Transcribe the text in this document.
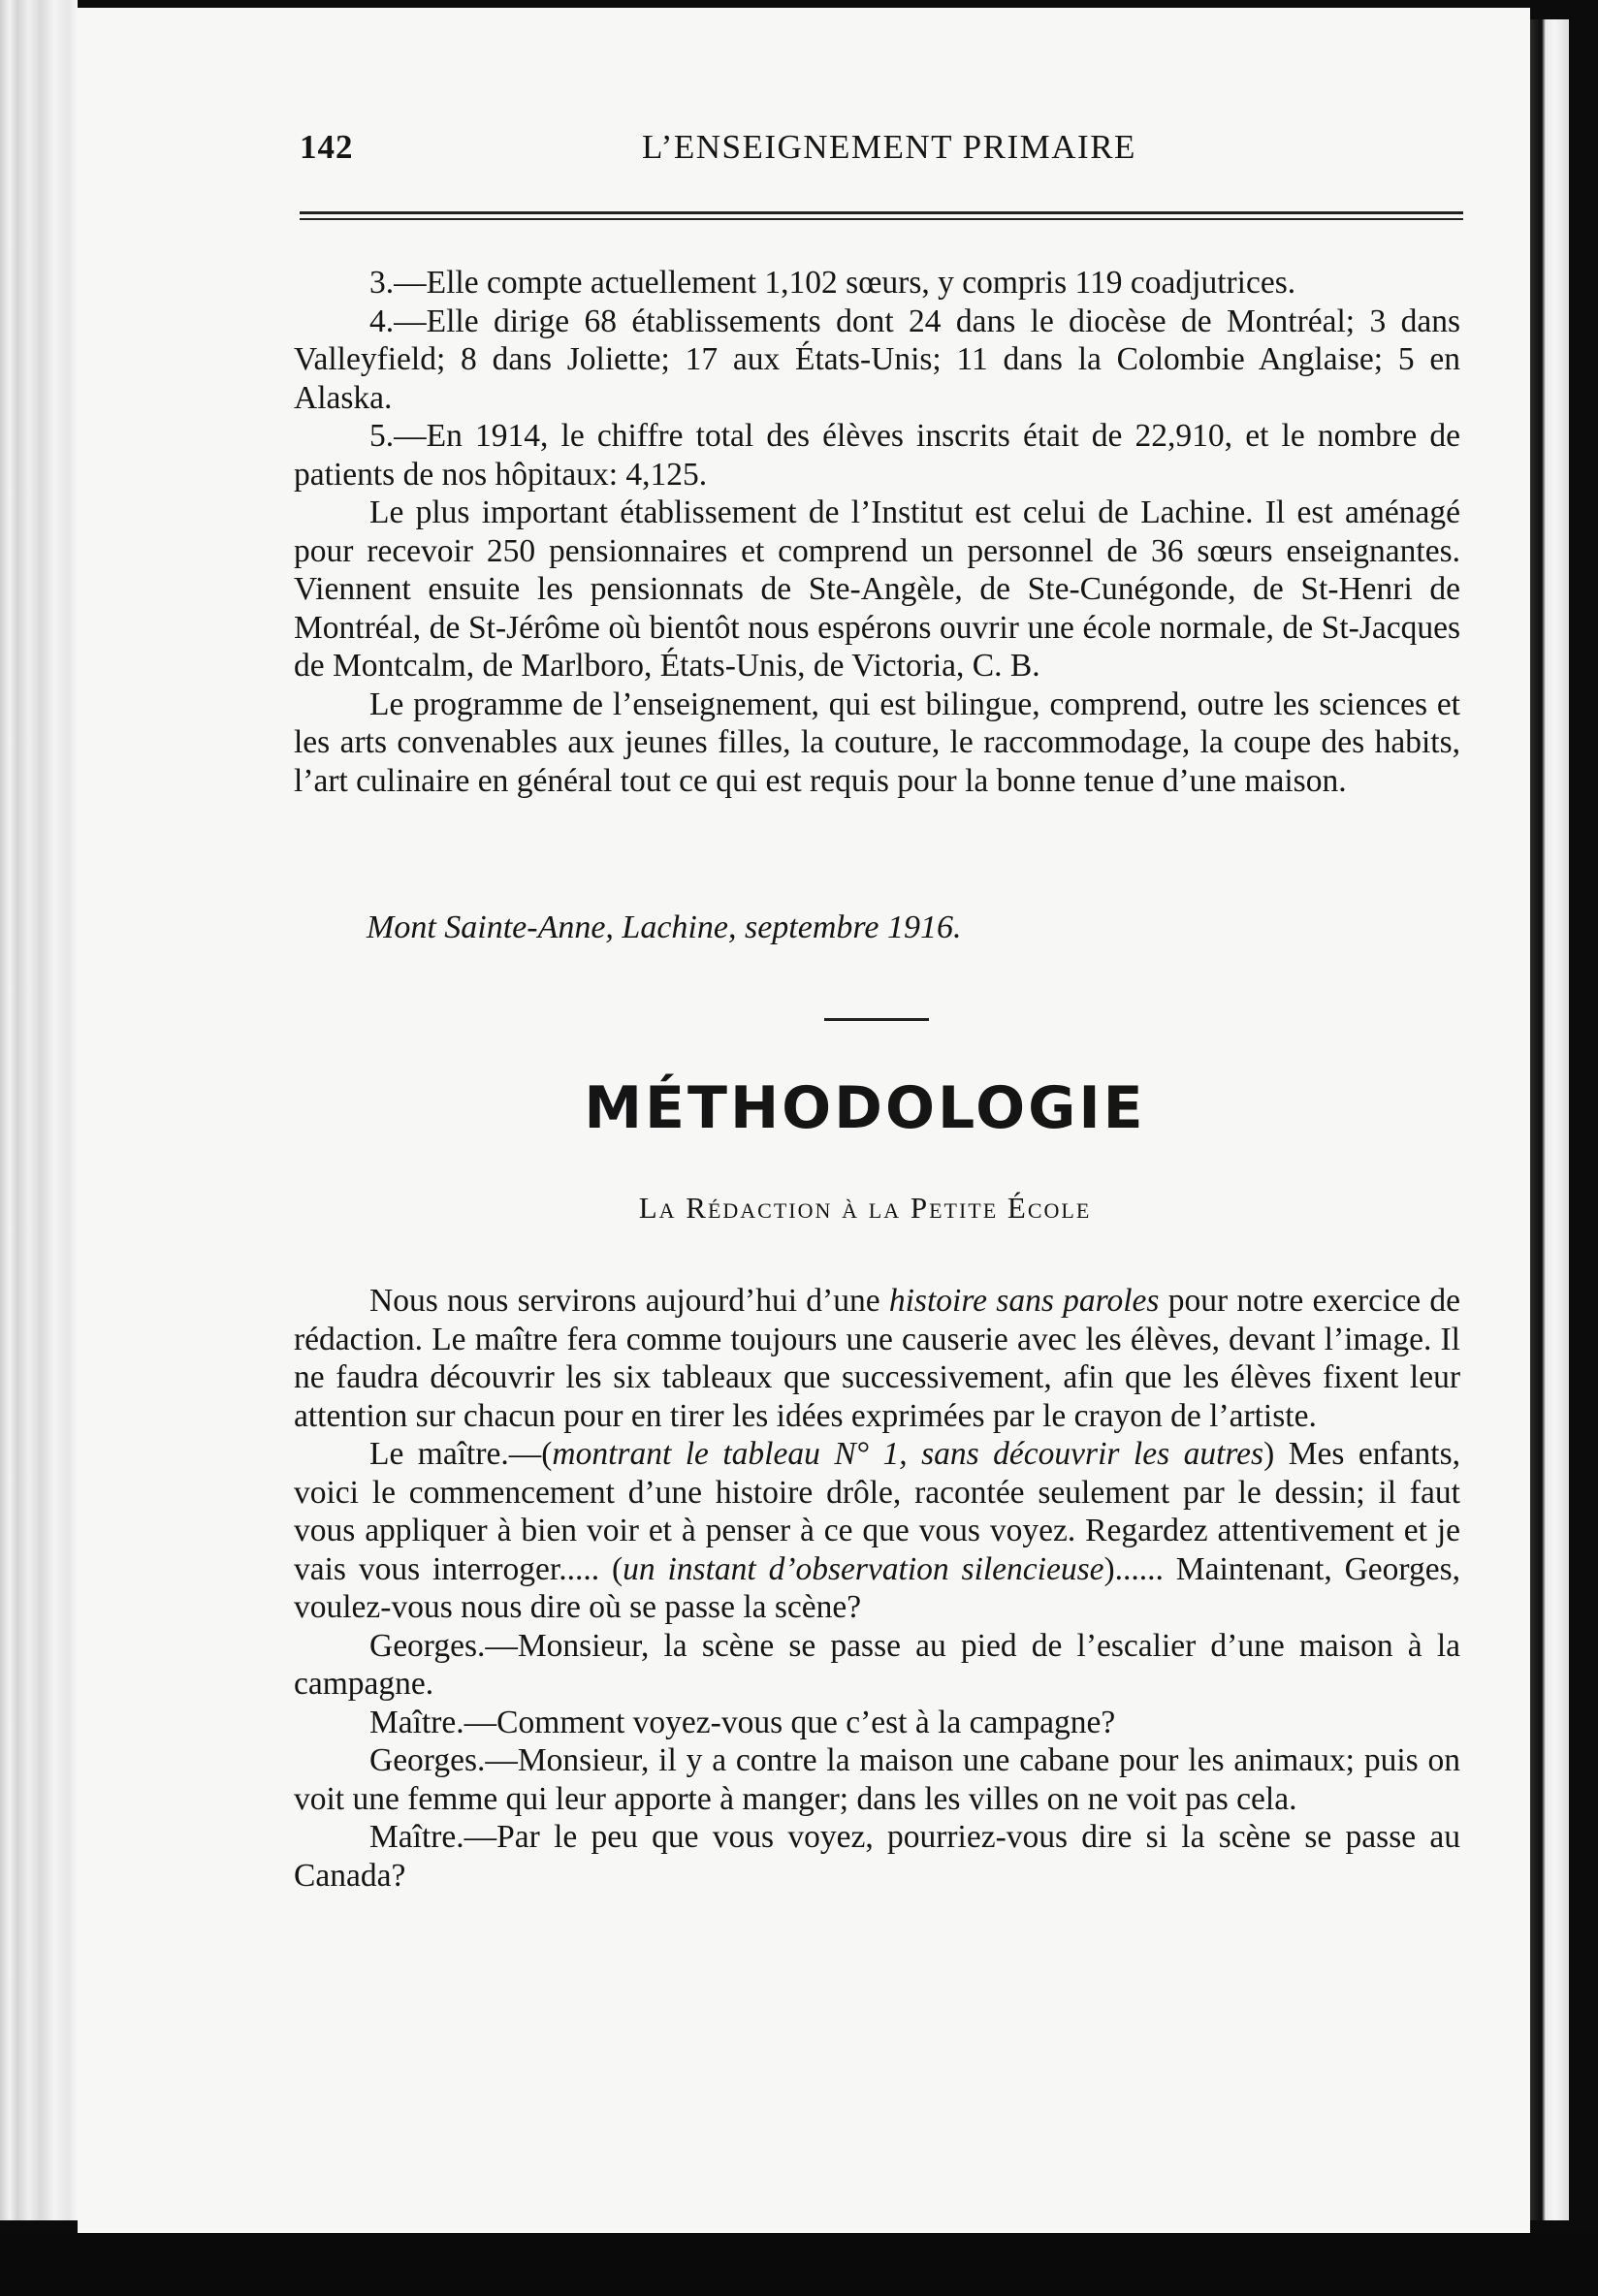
142	L’ENSEIGNEMENT PRIMAIRE

3.—Elle compte actuellement 1,102 sœurs, y compris 119 coadjutrices.

4.—Elle dirige 68 établissements dont 24 dans le diocèse de Montréal; 3 dans Valleyfield; 8 dans Joliette; 17 aux États-Unis; 11 dans la Colombie Anglaise; 5 en Alaska.

5.—En 1914, le chiffre total des élèves inscrits était de 22,910, et le nombre de patients de nos hôpitaux: 4,125.

Le plus important établissement de l’Institut est celui de Lachine. Il est aménagé pour recevoir 250 pensionnaires et comprend un personnel de 36 sœurs enseignantes. Viennent ensuite les pensionnats de Ste-Angèle, de Ste-Cunégonde, de St-Henri de Montréal, de St-Jérôme où bientôt nous espérons ouvrir une école normale, de St-Jacques de Montcalm, de Marlboro, États-Unis, de Victoria, C. B.

Le programme de l’enseignement, qui est bilingue, comprend, outre les sciences et les arts convenables aux jeunes filles, la couture, le raccommodage, la coupe des habits, l’art culinaire en général tout ce qui est requis pour la bonne tenue d’une maison.

Mont Sainte-Anne, Lachine, septembre 1916.
MÉTHODOLOGIE
La Rédaction à la Petite École

Nous nous servirons aujourd’hui d’une histoire sans paroles pour notre exercice de rédaction. Le maître fera comme toujours une causerie avec les élèves, devant l’image. Il ne faudra découvrir les six tableaux que successivement, afin que les élèves fixent leur attention sur chacun pour en tirer les idées exprimées par le crayon de l’artiste.

Le maître.—(montrant le tableau N° 1, sans découvrir les autres) Mes enfants, voici le commencement d’une histoire drôle, racontée seulement par le dessin; il faut vous appliquer à bien voir et à penser à ce que vous voyez. Regardez attentivement et je vais vous interroger..... (un instant d’observation silencieuse)...... Maintenant, Georges, voulez-vous nous dire où se passe la scène?

Georges.—Monsieur, la scène se passe au pied de l’escalier d’une maison à la campagne.

Maître.—Comment voyez-vous que c’est à la campagne?

Georges.—Monsieur, il y a contre la maison une cabane pour les animaux; puis on voit une femme qui leur apporte à manger; dans les villes on ne voit pas cela.

Maître.—Par le peu que vous voyez, pourriez-vous dire si la scène se passe au Canada?
